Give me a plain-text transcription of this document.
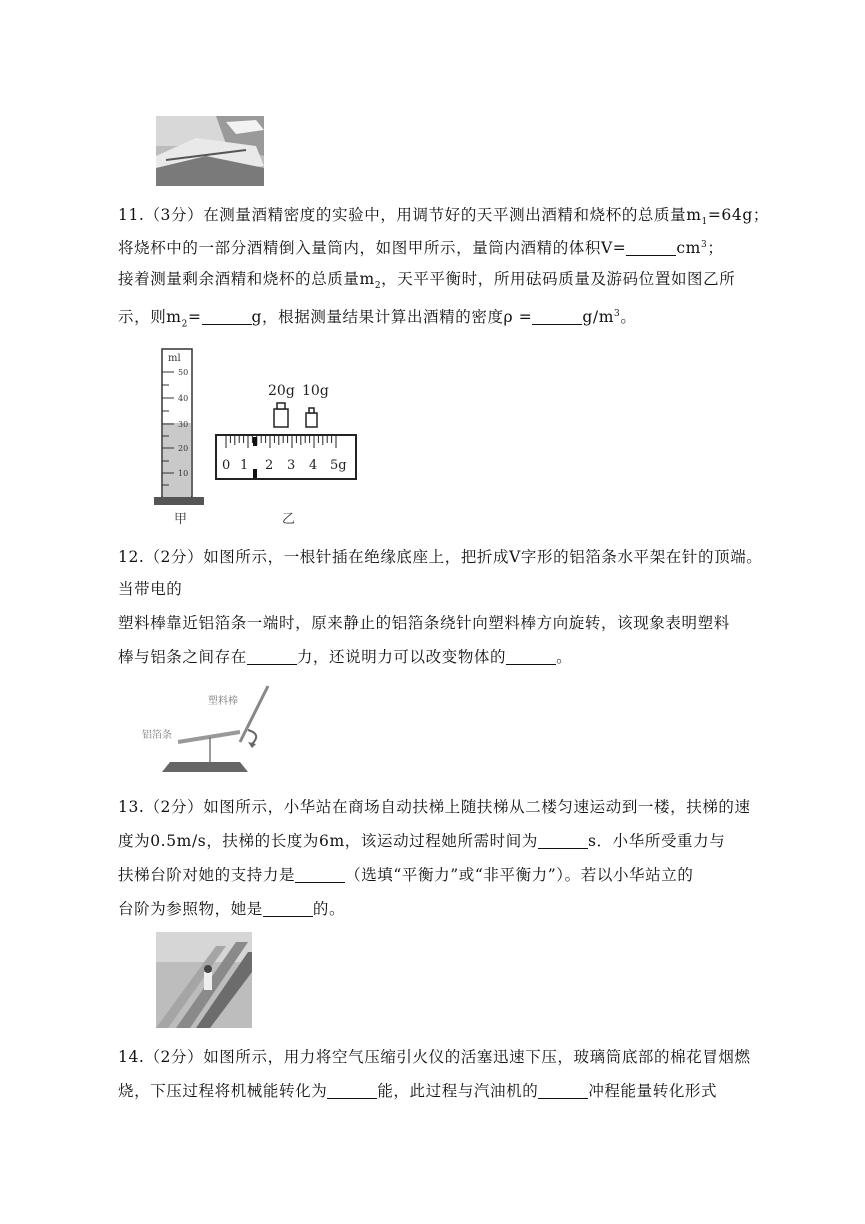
11.（3分）在测量酒精密度的实验中，用调节好的天平测出酒精和烧杯的总质量$m_1=64g$；
将烧杯中的一部分酒精倒入量筒内，如图甲所示，量筒内酒精的体积V=	$cm^3$；
接着测量剩余酒精和烧杯的总质量$m_2$，天平平衡时，所用砝码质量及游码位置如图乙所
示，则$m_2=$	g，根据测量结果计算出酒精的密度ρ =	$g/m^3$。
ml
50
40
30
20
10
20g 10g
0 1 2 3 4 5g
甲	乙
12.（2分）如图所示，一根针插在绝缘底座上，把折成V字形的铝箔条水平架在针的顶端。
当带电的
塑料棒靠近铝箔条一端时，原来静止的铝箔条绕针向塑料棒方向旋转，该现象表明塑料
棒与铝条之间存在	力，还说明力可以改变物体的	。
塑料棒
铝箔条
13.（2分）如图所示，小华站在商场自动扶梯上随扶梯从二楼匀速运动到一楼，扶梯的速
度为0.5m/s，扶梯的长度为6m，该运动过程她所需时间为	s．小华所受重力与
扶梯台阶对她的支持力是	（选填“平衡力”或“非平衡力”）。若以小华站立的
台阶为参照物，她是	的。
14.（2分）如图所示，用力将空气压缩引火仪的活塞迅速下压，玻璃筒底部的棉花冒烟燃
烧，下压过程将机械能转化为	能，此过程与汽油机的	冲程能量转化形式
